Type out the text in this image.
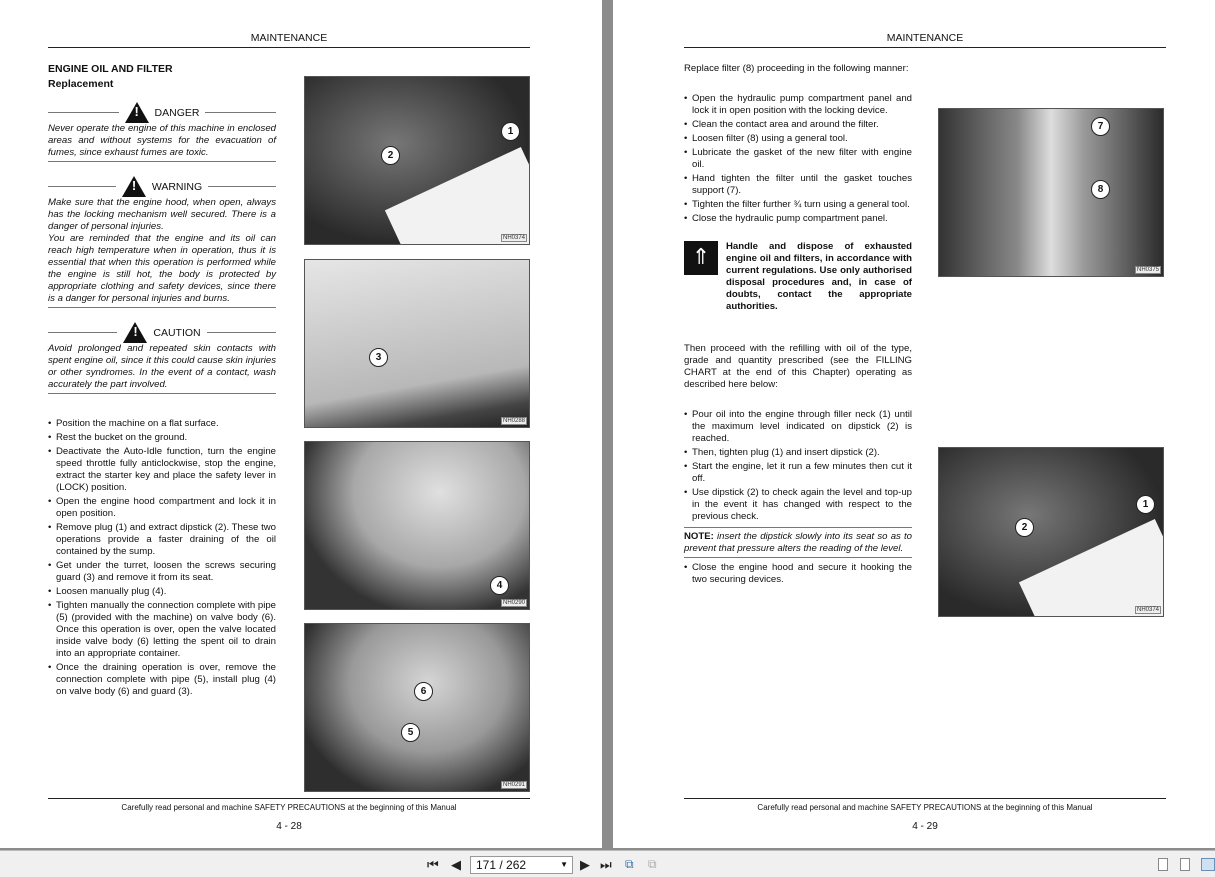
MAINTENANCE
ENGINE OIL AND FILTER
Replacement
!
DANGER

Never operate the engine of this machine in enclosed areas and without systems for the evacuation of fumes, since exhaust fumes are toxic.

!
WARNING

Make sure that the engine hood, when open, always has the locking mechanism well secured. There is a danger of personal injuries.

You are reminded that the engine and its oil can reach high temperature when in operation, thus it is essential that when this operation is performed while the engine is still hot, the body is protected by appropriate clothing and safety devices, since there is a danger for personal injuries and burns.

!
CAUTION

Avoid prolonged and repeated skin contacts with spent engine oil, since it this could cause skin injuries or other syndromes. In the event of a contact, wash accurately the part involved.

• Position the machine on a flat surface.
• Rest the bucket on the ground.
• Deactivate the Auto-Idle function, turn the engine speed throttle fully anticlockwise, stop the engine, extract the starter key and place the safety lever in (LOCK) position.
• Open the engine hood compartment and lock it in open position.
• Remove plug (1) and extract dipstick (2). These two operations provide a faster draining of the oil contained by the sump.
• Get under the turret, loosen the screws securing guard (3) and remove it from its seat.
• Loosen manually plug (4).
• Tighten manually the connection complete with pipe (5) (provided with the machine) on valve body (6). Once this operation is over, open the valve located inside valve body (6) letting the spent oil to drain into an appropriate container.
• Once the draining operation is over, remove the connection complete with pipe (5), install plug (4) on valve body (6) and guard (3).
1
2
NH0374
3
NH0288
4
NH0290
6
5
NH0291
Carefully read personal and machine SAFETY PRECAUTIONS at the beginning of this Manual
4 - 28
MAINTENANCE

Replace filter (8) proceeding in the following manner:

• Open the hydraulic pump compartment panel and lock it in open position with the locking device.
• Clean the contact area and around the filter.
• Loosen filter (8) using a general tool.
• Lubricate the gasket of the new filter with engine oil.
• Hand tighten the filter until the gasket touches support (7).
• Tighten the filter further ¾ turn using a general tool.
• Close the hydraulic pump compartment panel.
⇑	Handle and dispose of exhausted engine oil and filters, in accordance with current regulations. Use only authorised disposal procedures and, in case of doubts, contact the appropriate authorities.

Then proceed with the refilling with oil of the type, grade and quantity prescribed (see the FILLING CHART at the end of this Chapter) operating as described here below:

• Pour oil into the engine through filler neck (1) until the maximum level indicated on dipstick (2) is reached.
• Then, tighten plug (1) and insert dipstick (2).
• Start the engine, let it run a few minutes then cut it off.
• Use dipstick (2) to check again the level and top-up in the event it has changed with respect to the previous check.

NOTE: insert the dipstick slowly into its seat so as to prevent that pressure alters the reading of the level.

• Close the engine hood and secure it hooking the two securing devices.
7
8
NH0375
1
2
NH0374
Carefully read personal and machine SAFETY PRECAUTIONS at the beginning of this Manual
4 - 29
⏮ ◀	171 / 262	▼ ▶ ⏭ ⧉ ⧉
